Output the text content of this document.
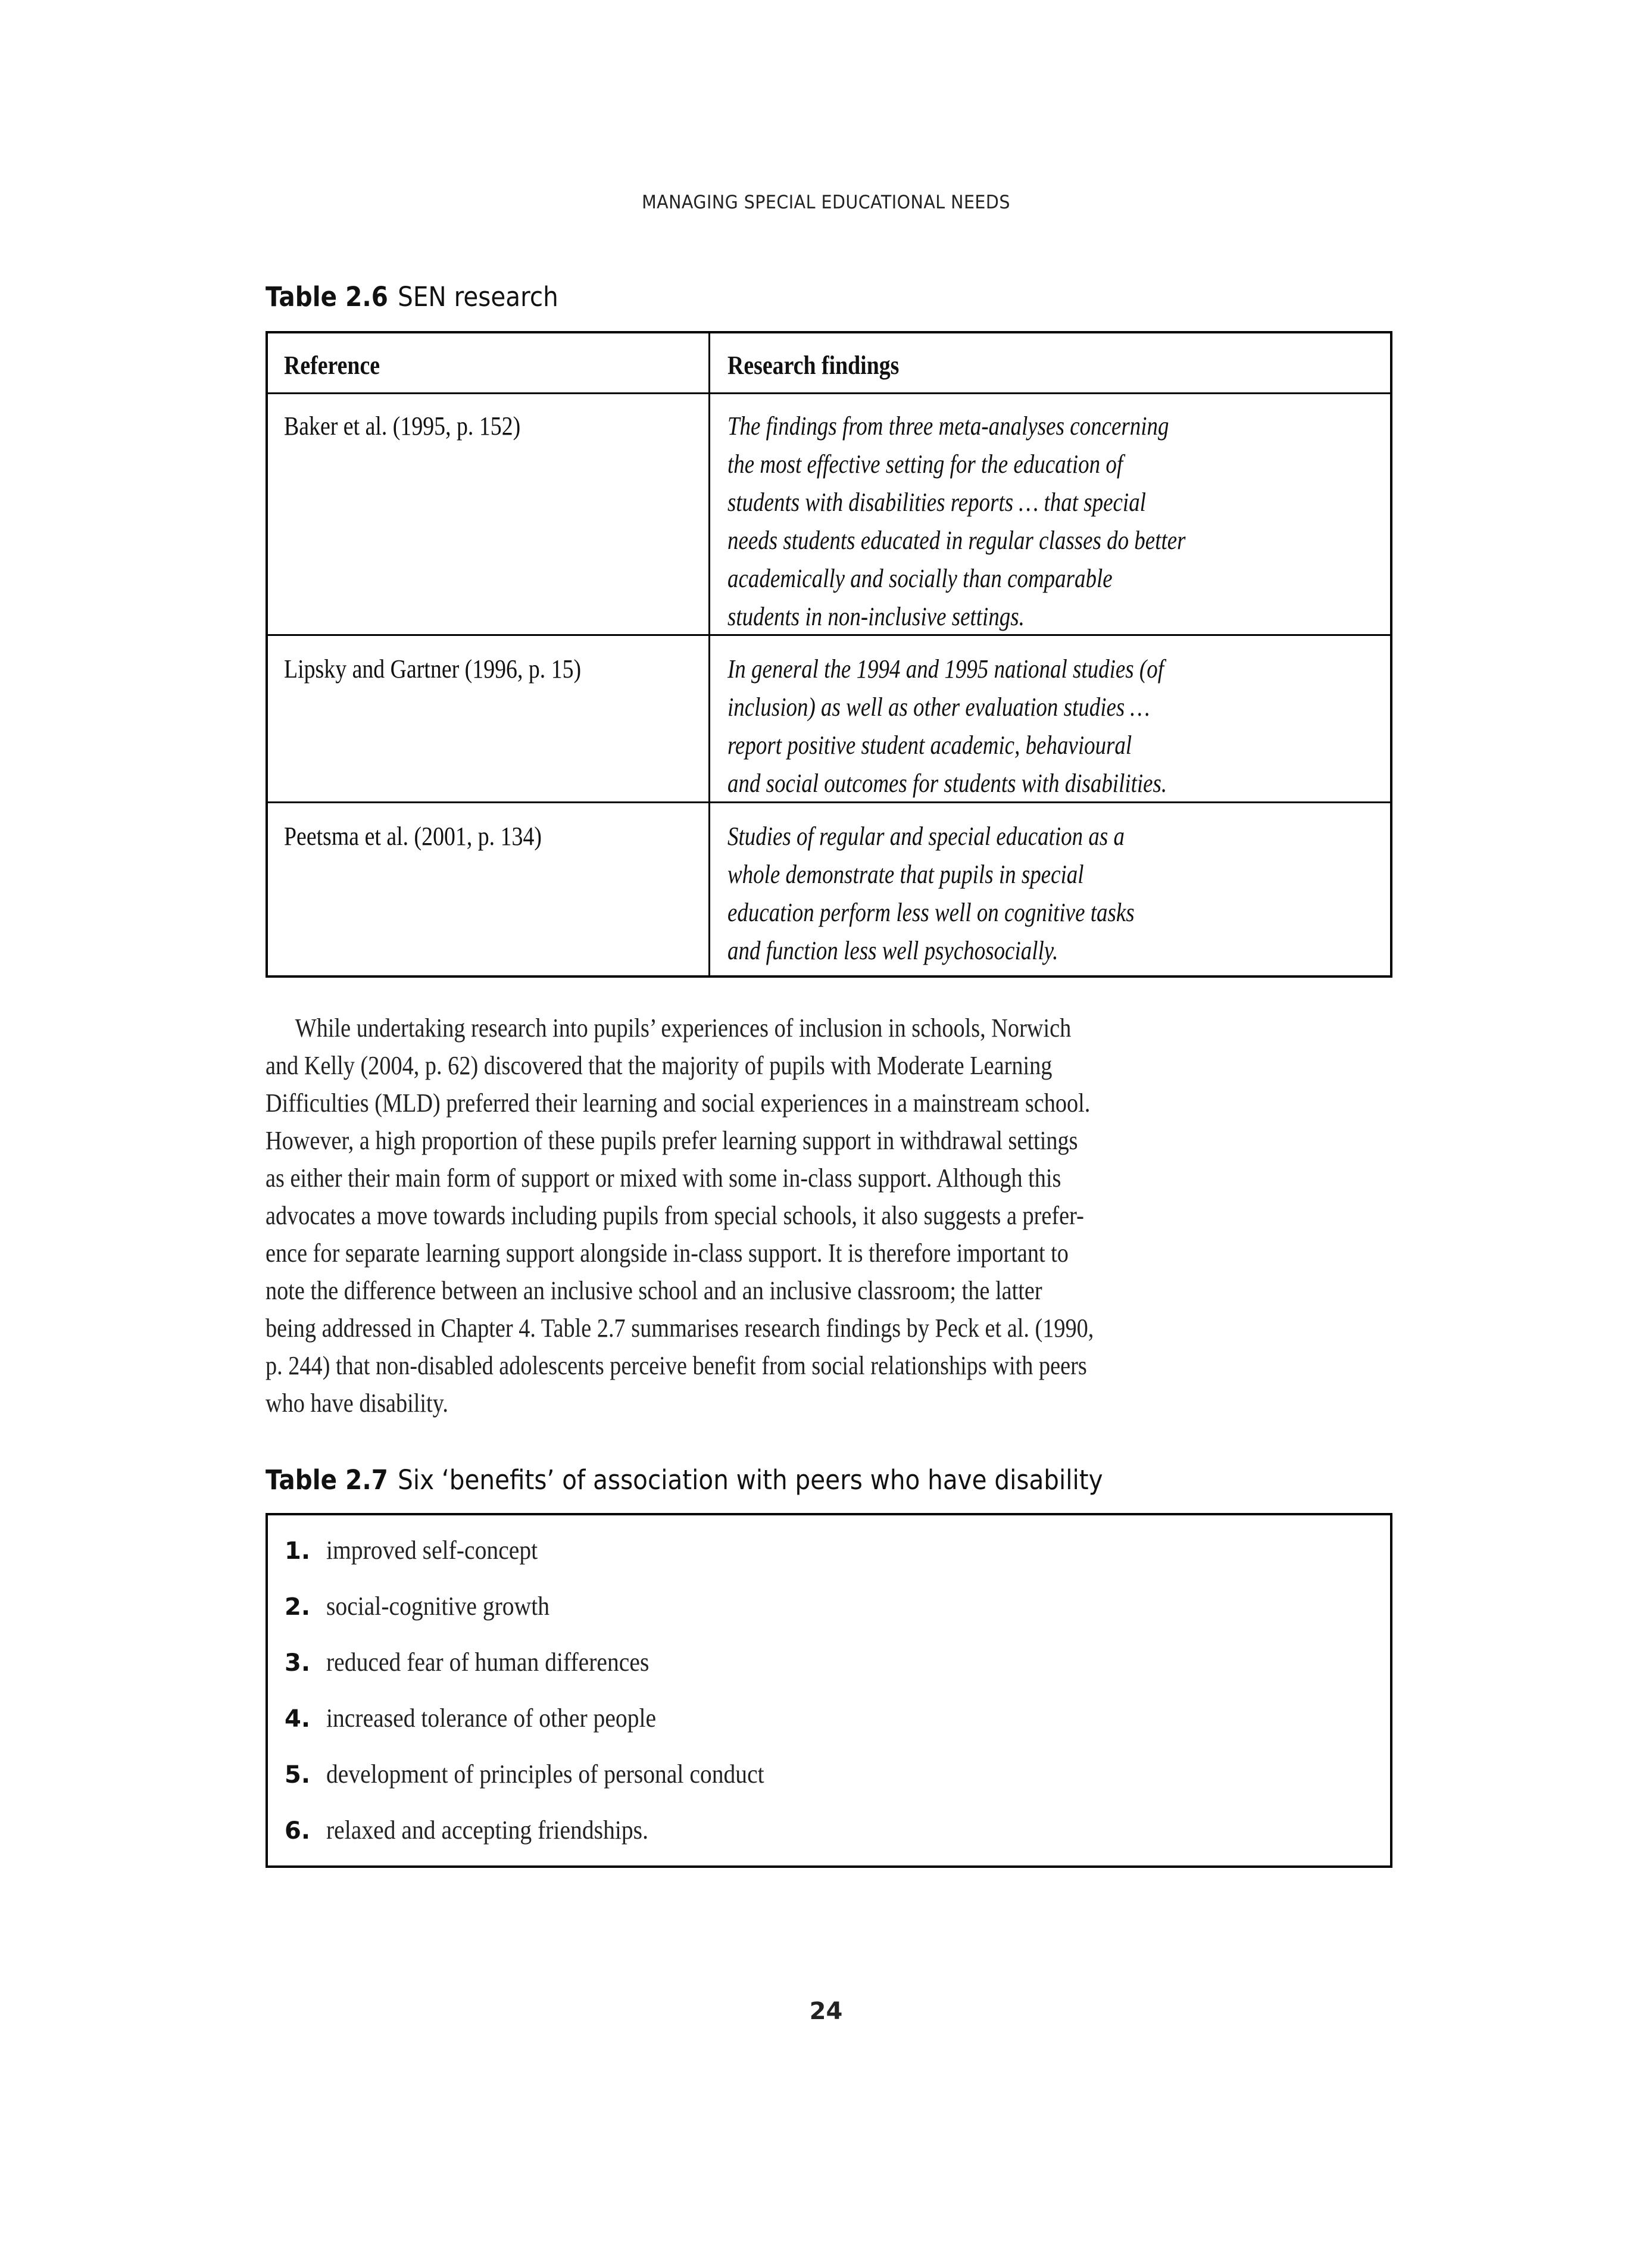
MANAGING SPECIAL EDUCATIONAL NEEDS
Table 2.6 SEN research
Reference	Research findings
Baker et al. (1995, p. 152)	The findings from three meta-analyses concerning
the most effective setting for the education of
students with disabilities reports … that special
needs students educated in regular classes do better
academically and socially than comparable
students in non-inclusive settings.
Lipsky and Gartner (1996, p. 15)	In general the 1994 and 1995 national studies (of
inclusion) as well as other evaluation studies …
report positive student academic, behavioural
and social outcomes for students with disabilities.
Peetsma et al. (2001, p. 134)	Studies of regular and special education as a
whole demonstrate that pupils in special
education perform less well on cognitive tasks
and function less well psychosocially.
While undertaking research into pupils’ experiences of inclusion in schools, Norwich
and Kelly (2004, p. 62) discovered that the majority of pupils with Moderate Learning
Difficulties (MLD) preferred their learning and social experiences in a mainstream school.
However, a high proportion of these pupils prefer learning support in withdrawal settings
as either their main form of support or mixed with some in-class support. Although this
advocates a move towards including pupils from special schools, it also suggests a prefer-
ence for separate learning support alongside in-class support. It is therefore important to
note the difference between an inclusive school and an inclusive classroom; the latter
being addressed in Chapter 4. Table 2.7 summarises research findings by Peck et al. (1990,
p. 244) that non-disabled adolescents perceive benefit from social relationships with peers
who have disability.
Table 2.7 Six ‘benefits’ of association with peers who have disability
1. improved self-concept
2. social-cognitive growth
3. reduced fear of human differences
4. increased tolerance of other people
5. development of principles of personal conduct
6. relaxed and accepting friendships.
24
